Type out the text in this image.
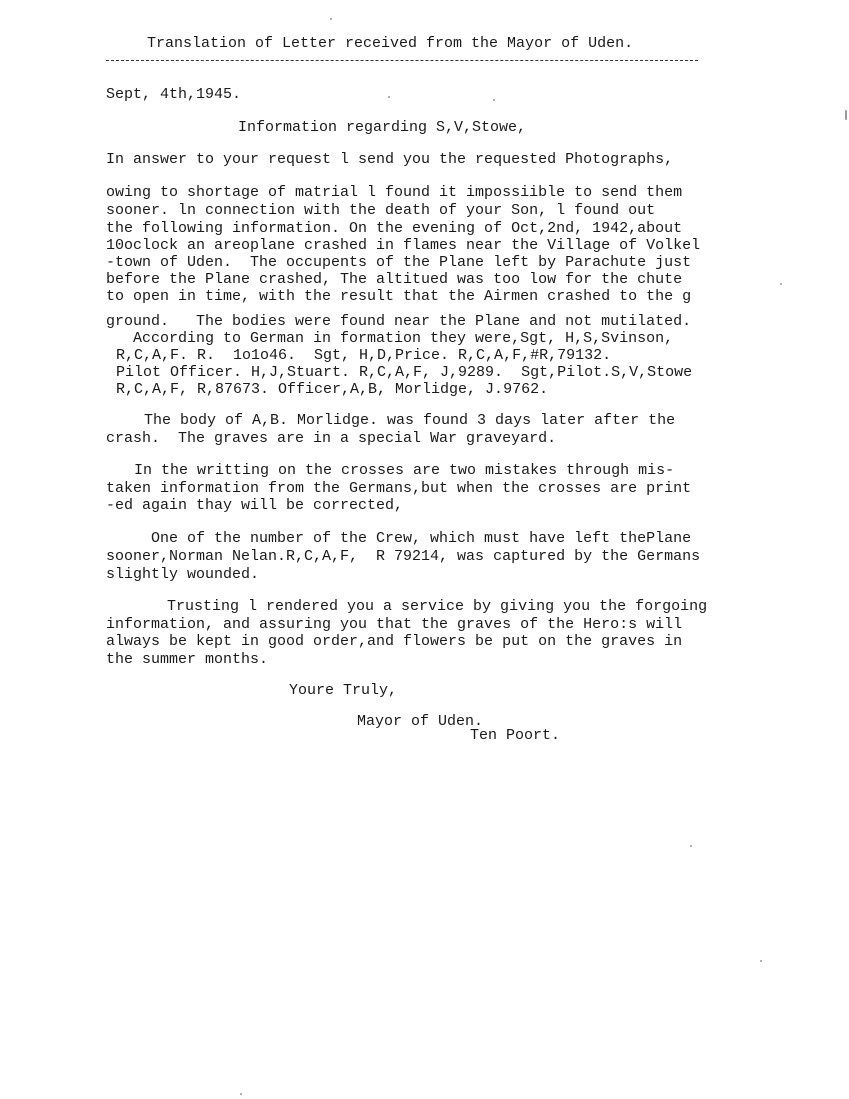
Translation of Letter received from the Mayor of Uden.
Sept, 4th,1945.
Information regarding S,V,Stowe,
In answer to your request l send you the requested Photographs,
owing to shortage of matrial l found it impossiible to send them
sooner. ln connection with the death of your Son, l found out
the following information. On the evening of Oct,2nd, 1942,about
10oclock an areoplane crashed in flames near the Village of Volkel
-town of Uden.  The occupents of the Plane left by Parachute just
before the Plane crashed, The altitued was too low for the chute
to open in time, with the result that the Airmen crashed to the g
ground.   The bodies were found near the Plane and not mutilated.
According to German in formation they were,Sgt, H,S,Svinson,
R,C,A,F. R.  1o1o46.  Sgt, H,D,Price. R,C,A,F,#R,79132.
Pilot Officer. H,J,Stuart. R,C,A,F, J,9289.  Sgt,Pilot.S,V,Stowe
R,C,A,F, R,87673. Officer,A,B, Morlidge, J.9762.
The body of A,B. Morlidge. was found 3 days later after the
crash.  The graves are in a special War graveyard.
In the writting on the crosses are two mistakes through mis-
taken information from the Germans,but when the crosses are print
-ed again thay will be corrected,
One of the number of the Crew, which must have left thePlane
sooner,Norman Nelan.R,C,A,F,  R 79214, was captured by the Germans
slightly wounded.
Trusting l rendered you a service by giving you the forgoing
information, and assuring you that the graves of the Hero:s will
always be kept in good order,and flowers be put on the graves in
the summer months.
Youre Truly,
Mayor of Uden.
Ten Poort.
